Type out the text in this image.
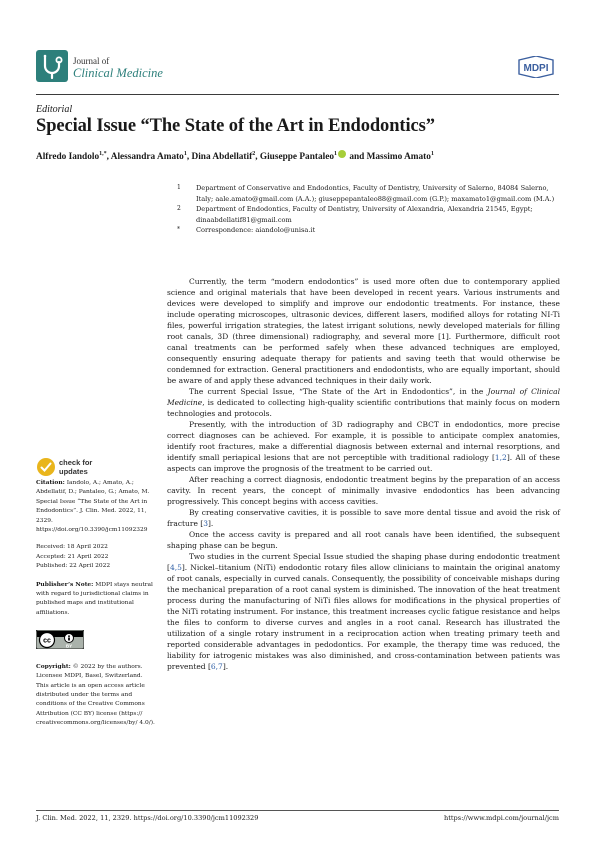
Journal of
Clinical Medicine	MDPI
Editorial
Special Issue “The State of the Art in Endodontics”
Alfredo Iandolo$^{1,*}$, Alessandra Amato$^1$, Dina Abdellatif$^2$, Giuseppe Pantaleo$^1$ and Massimo Amato$^1$
1	Department of Conservative and Endodontics, Faculty of Dentistry, University of Salerno, 84084 Salerno, Italy; aale.amato@gmail.com (A.A.); giuseppepantaleo88@gmail.com (G.P.); maxamato1@gmail.com (M.A.)
2	Department of Endodontics, Faculty of Dentistry, University of Alexandria, Alexandria 21545, Egypt; dinaabdellatif81@gmail.com
*	Correspondence: aiandolo@unisa.it

Currently, the term “modern endodontics” is used more often due to contemporary applied science and original materials that have been developed in recent years. Various instruments and devices were developed to simplify and improve our endodontic treatments. For instance, these include operating microscopes, ultrasonic devices, different lasers, modified alloys for rotating NI-Ti files, powerful irrigation strategies, the latest irrigant solutions, newly developed materials for filling root canals, 3D (three dimensional) radiography, and several more [1]. Furthermore, difficult root canal treatments can be performed safely when these advanced techniques are employed, consequently ensuring adequate therapy for patients and saving teeth that would otherwise be condemned for extraction. General practitioners and endodontists, who are equally important, should be aware of and apply these advanced techniques in their daily work.

The current Special Issue, “The State of the Art in Endodontics”, in the Journal of Clinical Medicine, is dedicated to collecting high-quality scientific contributions that mainly focus on modern technologies and protocols.

Presently, with the introduction of 3D radiography and CBCT in endodontics, more precise correct diagnoses can be achieved. For example, it is possible to anticipate complex anatomies, identify root fractures, make a differential diagnosis between external and internal resorptions, and identify small periapical lesions that are not perceptible with traditional radiology [1,2]. All of these aspects can improve the prognosis of the treatment to be carried out.

After reaching a correct diagnosis, endodontic treatment begins by the preparation of an access cavity. In recent years, the concept of minimally invasive endodontics has been advancing progressively. This concept begins with access cavities.

By creating conservative cavities, it is possible to save more dental tissue and avoid the risk of fracture [3].

Once the access cavity is prepared and all root canals have been identified, the subsequent shaping phase can be begun.

Two studies in the current Special Issue studied the shaping phase during endodontic treatment [4,5]. Nickel–titanium (NiTi) endodontic rotary files allow clinicians to maintain the original anatomy of root canals, especially in curved canals. Consequently, the possibility of conceivable mishaps during the mechanical preparation of a root canal system is diminished. The innovation of the heat treatment process during the manufacturing of NiTi files allows for modifications in the physical properties of the NiTi rotating instrument. For instance, this treatment increases cyclic fatigue resistance and helps the files to conform to diverse curves and angles in a root canal. Research has illustrated the utilization of a single rotary instrument in a reciprocation action when treating primary teeth and reported considerable advantages in pedodontics. For example, the therapy time was reduced, the liability for iatrogenic mistakes was also diminished, and cross-contamination between patients was prevented [6,7].

check for
updates
Citation: Iandolo, A.; Amato, A.; Abdellatif, D.; Pantaleo, G.; Amato, M. Special Issue “The State of the Art in Endodontics”. J. Clin. Med. 2022, 11, 2329. https://doi.org/10.3390/jcm11092329
Received: 18 April 2022
Accepted: 21 April 2022
Published: 22 April 2022
Publisher’s Note: MDPI stays neutral with regard to jurisdictional claims in published maps and institutional affiliations.
cc
BY
Copyright: © 2022 by the authors. Licensee MDPI, Basel, Switzerland. This article is an open access article distributed under the terms and conditions of the Creative Commons Attribution (CC BY) license (https:// creativecommons.org/licenses/by/ 4.0/).
J. Clin. Med. 2022, 11, 2329. https://doi.org/10.3390/jcm11092329	https://www.mdpi.com/journal/jcm
